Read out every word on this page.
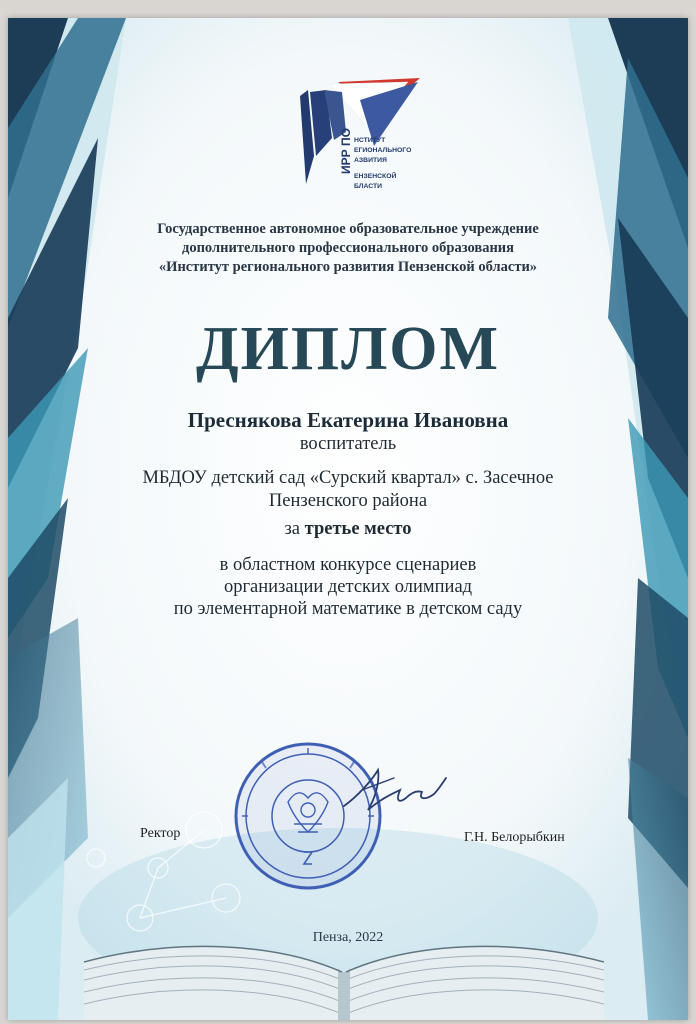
ИРР ПО НСТИТУТ
ЕГИОНАЛЬНОГО
АЗВИТИЯ
ЕНЗЕНСКОЙ
БЛАСТИ
Государственное автономное образовательное учреждение
дополнительного профессионального образования
«Институт регионального развития Пензенской области»
ДИПЛОМ
Преснякова Екатерина Ивановна
воспитатель
МБДОУ детский сад «Сурский квартал» с. Засечное
Пензенского района
за третье место
в областном конкурсе сценариев
организации детских олимпиад
по элементарной математике в детском саду
Ректор	Г.Н. Белорыбкин
Пенза, 2022
